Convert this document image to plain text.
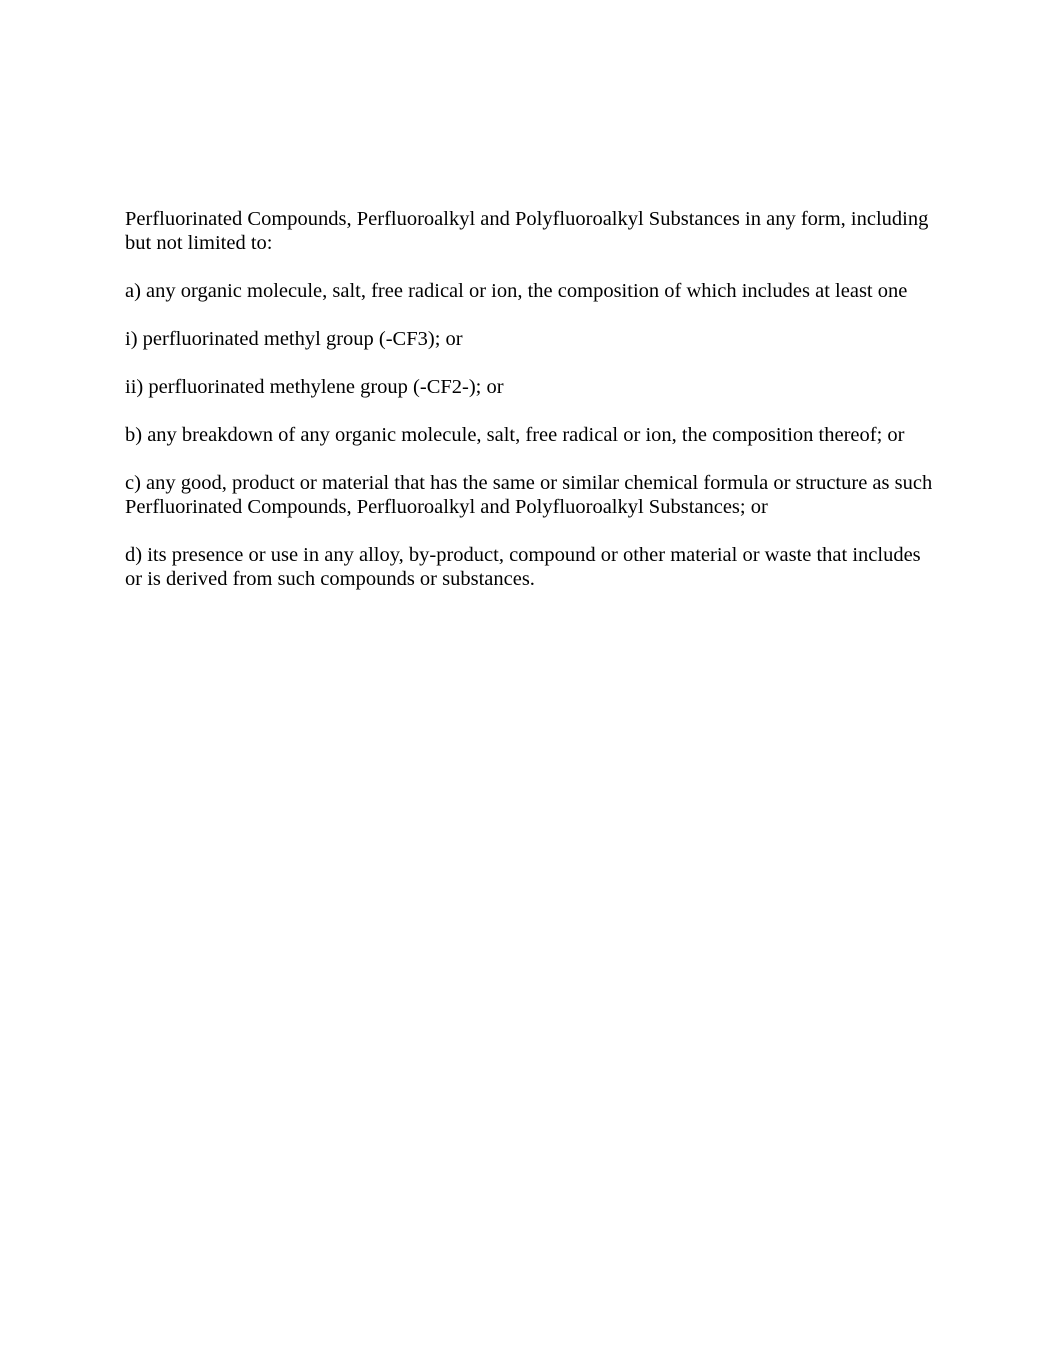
Perfluorinated Compounds, Perfluoroalkyl and Polyfluoroalkyl Substances in any form, including but not limited to:

a) any organic molecule, salt, free radical or ion, the composition of which includes at least one

i) perfluorinated methyl group (-CF3); or

ii) perfluorinated methylene group (-CF2-); or

b) any breakdown of any organic molecule, salt, free radical or ion, the composition thereof; or

c) any good, product or material that has the same or similar chemical formula or structure as such Perfluorinated Compounds, Perfluoroalkyl and Polyfluoroalkyl Substances; or

d) its presence or use in any alloy, by-product, compound or other material or waste that includes or is derived from such compounds or substances.
